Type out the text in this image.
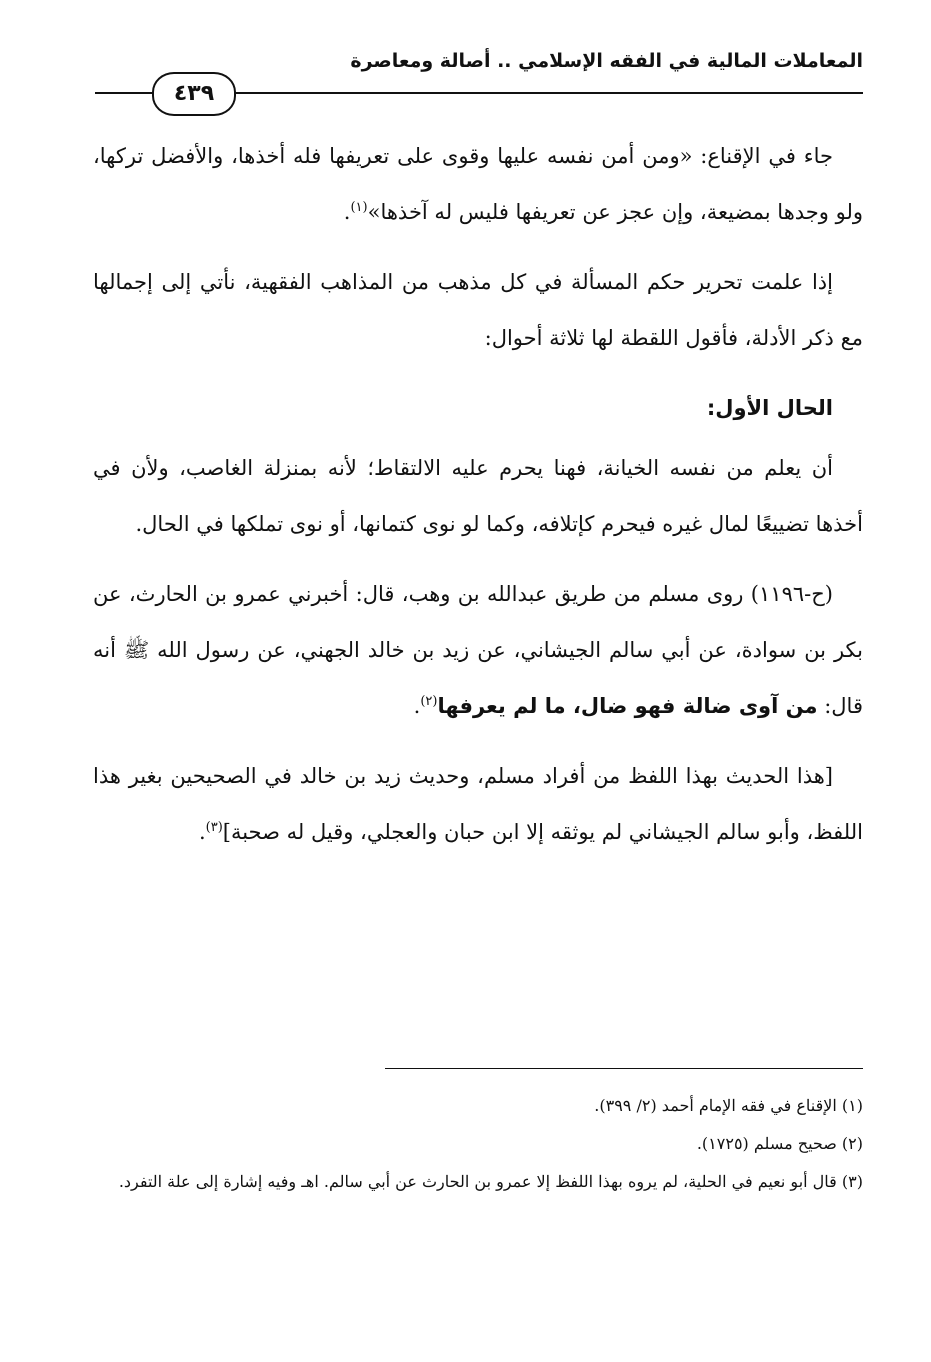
المعاملات المالية في الفقه الإسلامي .. أصالة ومعاصرة
٤٣٩

جاء في الإقناع: «ومن أمن نفسه عليها وقوى على تعريفها فله أخذها، والأفضل تركها، ولو وجدها بمضيعة، وإن عجز عن تعريفها فليس له آخذها»$^{(١)}$.

إذا علمت تحرير حكم المسألة في كل مذهب من المذاهب الفقهية، نأتي إلى إجمالها مع ذكر الأدلة، فأقول اللقطة لها ثلاثة أحوال:

الحال الأول:

أن يعلم من نفسه الخيانة، فهنا يحرم عليه الالتقاط؛ لأنه بمنزلة الغاصب، ولأن في أخذها تضييعًا لمال غيره فيحرم كإتلافه، وكما لو نوى كتمانها، أو نوى تملكها في الحال.

(ح-١١٩٦) روى مسلم من طريق عبدالله بن وهب، قال: أخبرني عمرو بن الحارث، عن بكر بن سوادة، عن أبي سالم الجيشاني، عن زيد بن خالد الجهني، عن رسول الله ﷺ أنه قال: من آوى ضالة فهو ضال، ما لم يعرفها$^{(٢)}$.

[هذا الحديث بهذا اللفظ من أفراد مسلم، وحديث زيد بن خالد في الصحيحين بغير هذا اللفظ، وأبو سالم الجيشاني لم يوثقه إلا ابن حبان والعجلي، وقيل له صحبة]$^{(٣)}$.

(١) الإقناع في فقه الإمام أحمد (٢/ ٣٩٩).

(٢) صحيح مسلم (١٧٢٥).

(٣) قال أبو نعيم في الحلية، لم يروه بهذا اللفظ إلا عمرو بن الحارث عن أبي سالم. اهـ وفيه إشارة إلى علة التفرد.
